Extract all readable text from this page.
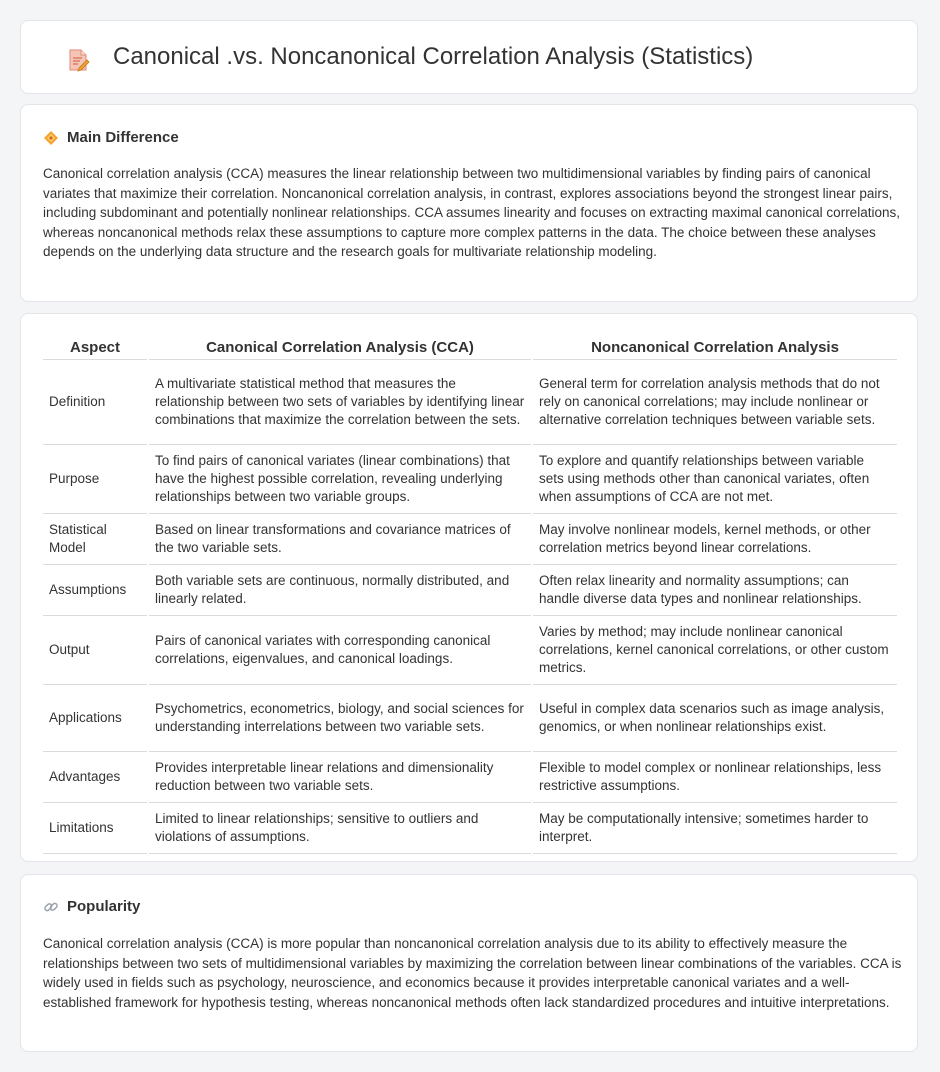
Canonical .vs. Noncanonical Correlation Analysis (Statistics)
Main Difference

Canonical correlation analysis (CCA) measures the linear relationship between two multidimensional variables by finding pairs of canonical variates that maximize their correlation. Noncanonical correlation analysis, in contrast, explores associations beyond the strongest linear pairs, including subdominant and potentially nonlinear relationships. CCA assumes linearity and focuses on extracting maximal canonical correlations, whereas noncanonical methods relax these assumptions to capture more complex patterns in the data. The choice between these analyses depends on the underlying data structure and the research goals for multivariate relationship modeling.

Aspect	Canonical Correlation Analysis (CCA)	Noncanonical Correlation Analysis
Definition	A multivariate statistical method that measures the relationship between two sets of variables by identifying linear combinations that maximize the correlation between the sets.	General term for correlation analysis methods that do not rely on canonical correlations; may include nonlinear or alternative correlation techniques between variable sets.
Purpose	To find pairs of canonical variates (linear combinations) that have the highest possible correlation, revealing underlying relationships between two variable groups.	To explore and quantify relationships between variable sets using methods other than canonical variates, often when assumptions of CCA are not met.
Statistical Model	Based on linear transformations and covariance matrices of the two variable sets.	May involve nonlinear models, kernel methods, or other correlation metrics beyond linear correlations.
Assumptions	Both variable sets are continuous, normally distributed, and linearly related.	Often relax linearity and normality assumptions; can handle diverse data types and nonlinear relationships.
Output	Pairs of canonical variates with corresponding canonical correlations, eigenvalues, and canonical loadings.	Varies by method; may include nonlinear canonical correlations, kernel canonical correlations, or other custom metrics.
Applications	Psychometrics, econometrics, biology, and social sciences for understanding interrelations between two variable sets.	Useful in complex data scenarios such as image analysis, genomics, or when nonlinear relationships exist.
Advantages	Provides interpretable linear relations and dimensionality reduction between two variable sets.	Flexible to model complex or nonlinear relationships, less restrictive assumptions.
Limitations	Limited to linear relationships; sensitive to outliers and violations of assumptions.	May be computationally intensive; sometimes harder to interpret.
Popularity

Canonical correlation analysis (CCA) is more popular than noncanonical correlation analysis due to its ability to effectively measure the relationships between two sets of multidimensional variables by maximizing the correlation between linear combinations of the variables. CCA is widely used in fields such as psychology, neuroscience, and economics because it provides interpretable canonical variates and a well-established framework for hypothesis testing, whereas noncanonical methods often lack standardized procedures and intuitive interpretations.
